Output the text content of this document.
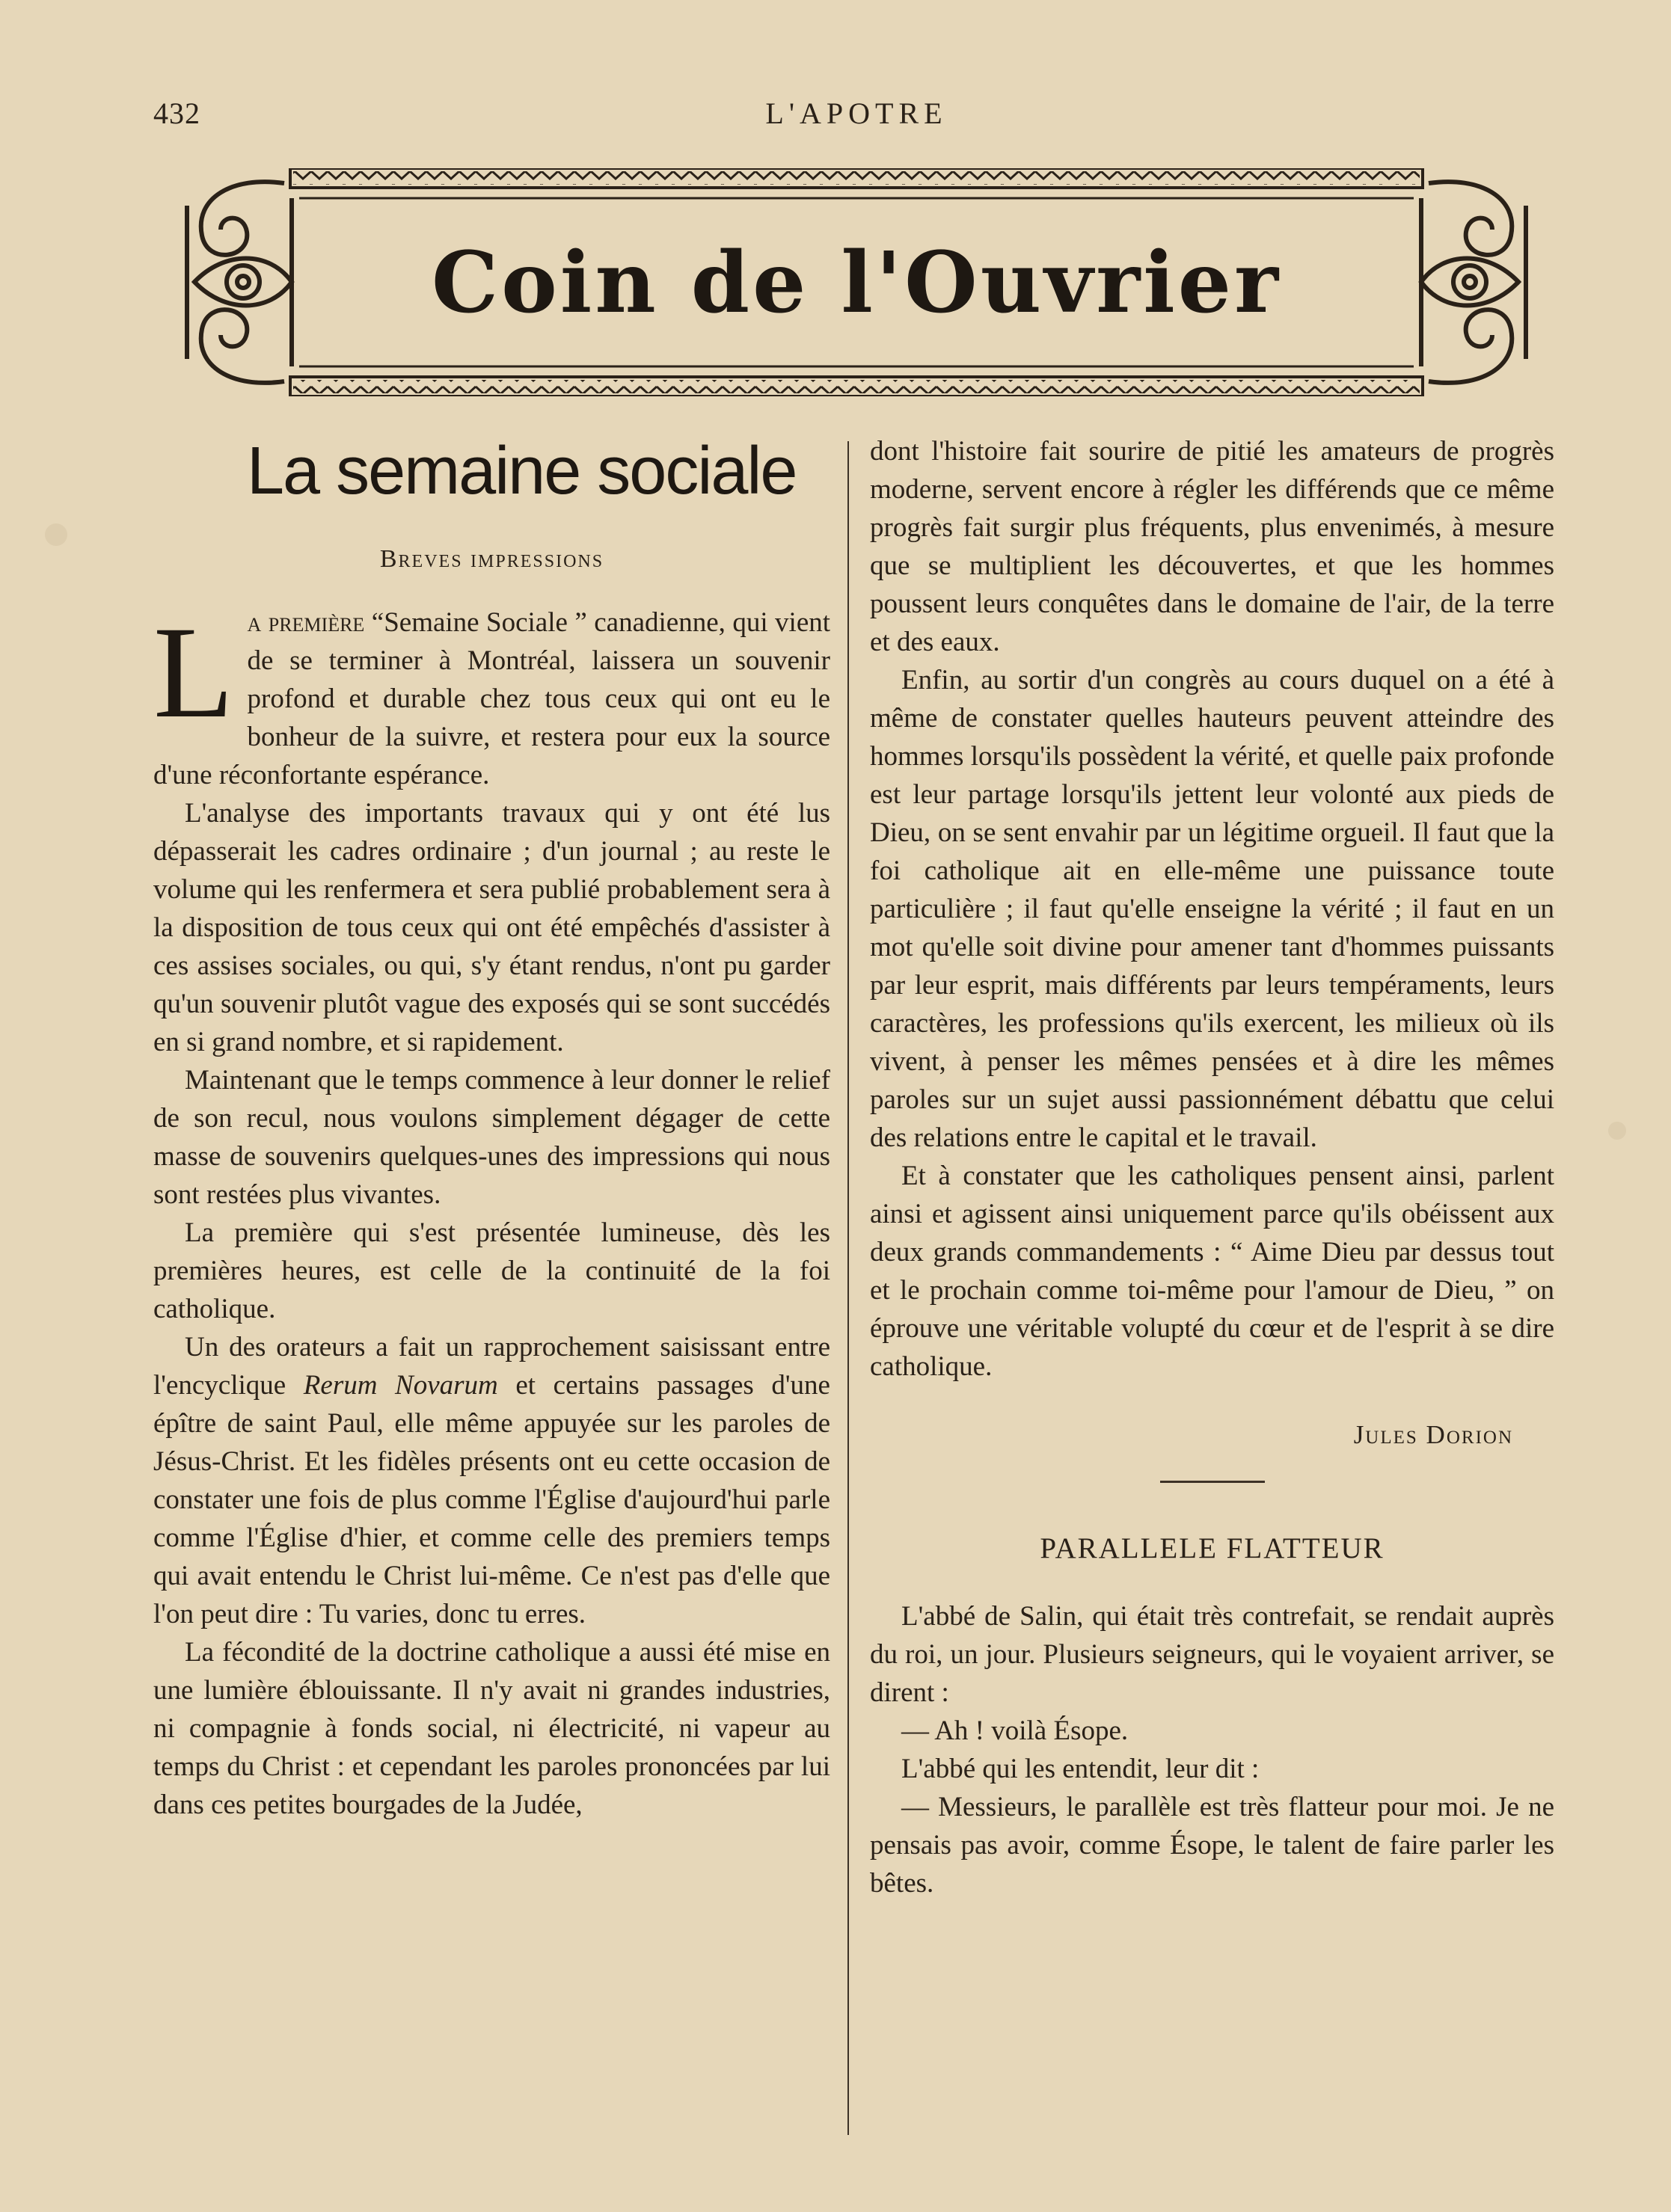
432	L'APOTRE
Coin de l'Ouvrier
La semaine sociale
Breves impressions

La première “Semaine Sociale ” canadienne, qui vient de se terminer à Montréal, laissera un souvenir profond et durable chez tous ceux qui ont eu le bonheur de la suivre, et restera pour eux la source d'une réconfortante espérance.

L'analyse des importants travaux qui y ont été lus dépasserait les cadres ordinaire ; d'un journal ; au reste le volume qui les renfermera et sera publié probablement sera à la disposition de tous ceux qui ont été empêchés d'assister à ces assises sociales, ou qui, s'y étant rendus, n'ont pu garder qu'un souvenir plutôt vague des exposés qui se sont succédés en si grand nombre, et si rapidement.

Maintenant que le temps commence à leur donner le relief de son recul, nous voulons simplement dégager de cette masse de souvenirs quelques-unes des impressions qui nous sont restées plus vivantes.

La première qui s'est présentée lumineuse, dès les premières heures, est celle de la continuité de la foi catholique.

Un des orateurs a fait un rapprochement saisissant entre l'encyclique Rerum Novarum et certains passages d'une épître de saint Paul, elle même appuyée sur les paroles de Jésus-Christ. Et les fidèles présents ont eu cette occasion de constater une fois de plus comme l'Église d'aujourd'hui parle comme l'Église d'hier, et comme celle des premiers temps qui avait entendu le Christ lui-même. Ce n'est pas d'elle que l'on peut dire : Tu varies, donc tu erres.

La fécondité de la doctrine catholique a aussi été mise en une lumière éblouissante. Il n'y avait ni grandes industries, ni compagnie à fonds social, ni électricité, ni vapeur au temps du Christ : et cependant les paroles prononcées par lui dans ces petites bourgades de la Judée,

dont l'histoire fait sourire de pitié les amateurs de progrès moderne, servent encore à régler les différends que ce même progrès fait surgir plus fréquents, plus envenimés, à mesure que se multiplient les découvertes, et que les hommes poussent leurs conquêtes dans le domaine de l'air, de la terre et des eaux.

Enfin, au sortir d'un congrès au cours duquel on a été à même de constater quelles hauteurs peuvent atteindre des hommes lorsqu'ils possèdent la vérité, et quelle paix profonde est leur partage lorsqu'ils jettent leur volonté aux pieds de Dieu, on se sent envahir par un légitime orgueil. Il faut que la foi catholique ait en elle-même une puissance toute particulière ; il faut qu'elle enseigne la vérité ; il faut en un mot qu'elle soit divine pour amener tant d'hommes puissants par leur esprit, mais différents par leurs tempéraments, leurs caractères, les professions qu'ils exercent, les milieux où ils vivent, à penser les mêmes pensées et à dire les mêmes paroles sur un sujet aussi passionnément débattu que celui des relations entre le capital et le travail.

Et à constater que les catholiques pensent ainsi, parlent ainsi et agissent ainsi uniquement parce qu'ils obéissent aux deux grands commandements : “ Aime Dieu par dessus tout et le prochain comme toi-même pour l'amour de Dieu, ” on éprouve une véritable volupté du cœur et de l'esprit à se dire catholique.

Jules Dorion
PARALLELE FLATTEUR

L'abbé de Salin, qui était très contrefait, se rendait auprès du roi, un jour. Plusieurs seigneurs, qui le voyaient arriver, se dirent :

— Ah ! voilà Ésope.

L'abbé qui les entendit, leur dit :

— Messieurs, le parallèle est très flatteur pour moi. Je ne pensais pas avoir, comme Ésope, le talent de faire parler les bêtes.
